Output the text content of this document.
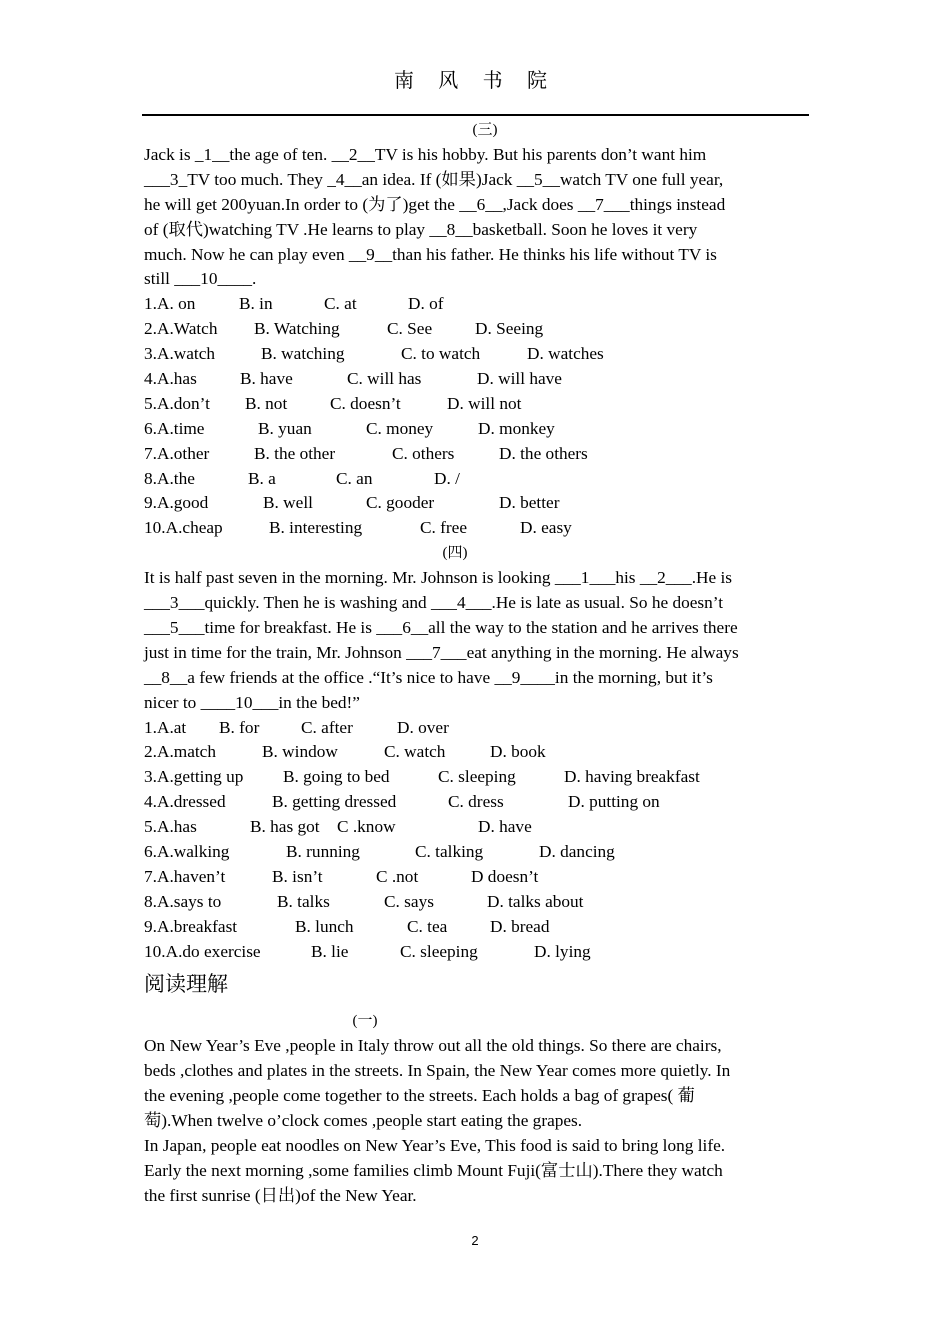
南 风 书 院

(三)

Jack is _1__the age of ten. __2__TV is his hobby. But his parents don’t want him

___3_TV too much. They _4__an idea. If (如果)Jack __5__watch TV one full year,

he will get 200yuan.In order to (为了)get the __6__,Jack does __7___things instead

of (取代)watching TV .He learns to play __8__basketball. Soon he loves it very

much. Now he can play even __9__than his father. He thinks his life without TV is

still ___10____.

1.A. on	B. in	C. at	D. of

2.A.Watch B. Watching	C. See D. Seeing

3.A.watch	B. watching	C. to watch	D. watches

4.A.has B. have	C. will has	D. will have

5.A.don’t B. not C. doesn’t	D. will not

6.A.time	B. yuan	C. money	D. monkey

7.A.other	B. the other	C. others	D. the others

8.A.the	B. a	C. an	D. /

9.A.good	B. well	C. gooder	D. better

10.A.cheap	B. interesting	C. free	D. easy

(四)

It is half past seven in the morning. Mr. Johnson is looking ___1___his __2___.He is

___3___quickly. Then he is washing and ___4___.He is late as usual. So he doesn’t

___5___time for breakfast. He is ___6__all the way to the station and he arrives there

just in time for the train, Mr. Johnson ___7___eat anything in the morning. He always

__8__a few friends at the office .“It’s nice to have __9____in the morning, but it’s

nicer to ____10___in the bed!”

1.A.at B. for C. after	D. over

2.A.match	B. window	C. watch	D. book

3.A.getting up B. going to bed	C. sleeping	D. having breakfast

4.A.dressed	B. getting dressed	C. dress	D. putting on

5.A.has	B. has got C .know	D. have

6.A.walking	B. running	C. talking	D. dancing

7.A.haven’t	B. isn’t	C .not	D doesn’t

8.A.says to	B. talks	C. says	D. talks about

9.A.breakfast	B. lunch	C. tea D. bread

10.A.do exercise	B. lie	C. sleeping	D. lying

阅读理解

(一)

On New Year’s Eve ,people in Italy throw out all the old things. So there are chairs,

beds ,clothes and plates in the streets. In Spain, the New Year comes more quietly. In

the evening ,people come together to the streets. Each holds a bag of grapes( 葡

萄).When twelve o’clock comes ,people start eating the grapes.

In Japan, people eat noodles on New Year’s Eve, This food is said to bring long life.

Early the next morning ,some families climb Mount Fuji(富士山).There they watch

the first sunrise (日出)of the New Year.

2
